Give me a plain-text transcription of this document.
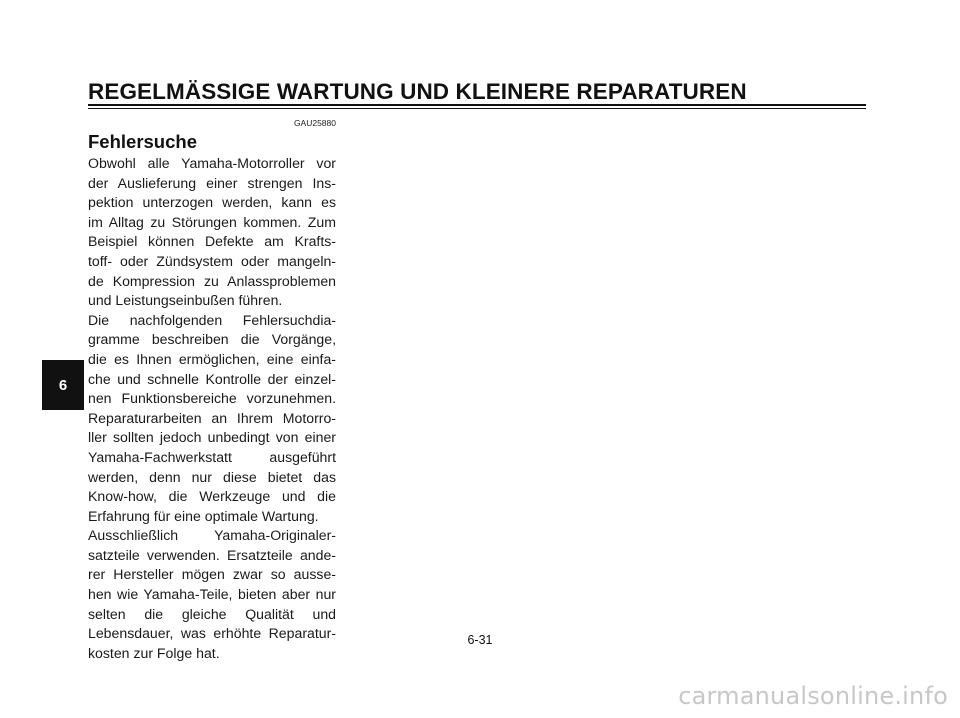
REGELMÄSSIGE WARTUNG UND KLEINERE REPARATUREN
6
GAU25880
Fehlersuche
Obwohl alle Yamaha-Motorroller vor
der Auslieferung einer strengen Ins-
pektion unterzogen werden, kann es
im Alltag zu Störungen kommen. Zum
Beispiel können Defekte am Krafts-
toff- oder Zündsystem oder mangeln-
de Kompression zu Anlassproblemen
und Leistungseinbußen führen.
Die nachfolgenden Fehlersuchdia-
gramme beschreiben die Vorgänge,
die es Ihnen ermöglichen, eine einfa-
che und schnelle Kontrolle der einzel-
nen Funktionsbereiche vorzunehmen.
Reparaturarbeiten an Ihrem Motorro-
ller sollten jedoch unbedingt von einer
Yamaha-Fachwerkstatt ausgeführt
werden, denn nur diese bietet das
Know-how, die Werkzeuge und die
Erfahrung für eine optimale Wartung.
Ausschließlich Yamaha-Originaler-
satzteile verwenden. Ersatzteile ande-
rer Hersteller mögen zwar so ausse-
hen wie Yamaha-Teile, bieten aber nur
selten die gleiche Qualität und
Lebensdauer, was erhöhte Reparatur-
kosten zur Folge hat.
6-31
carmanualsonline.info
